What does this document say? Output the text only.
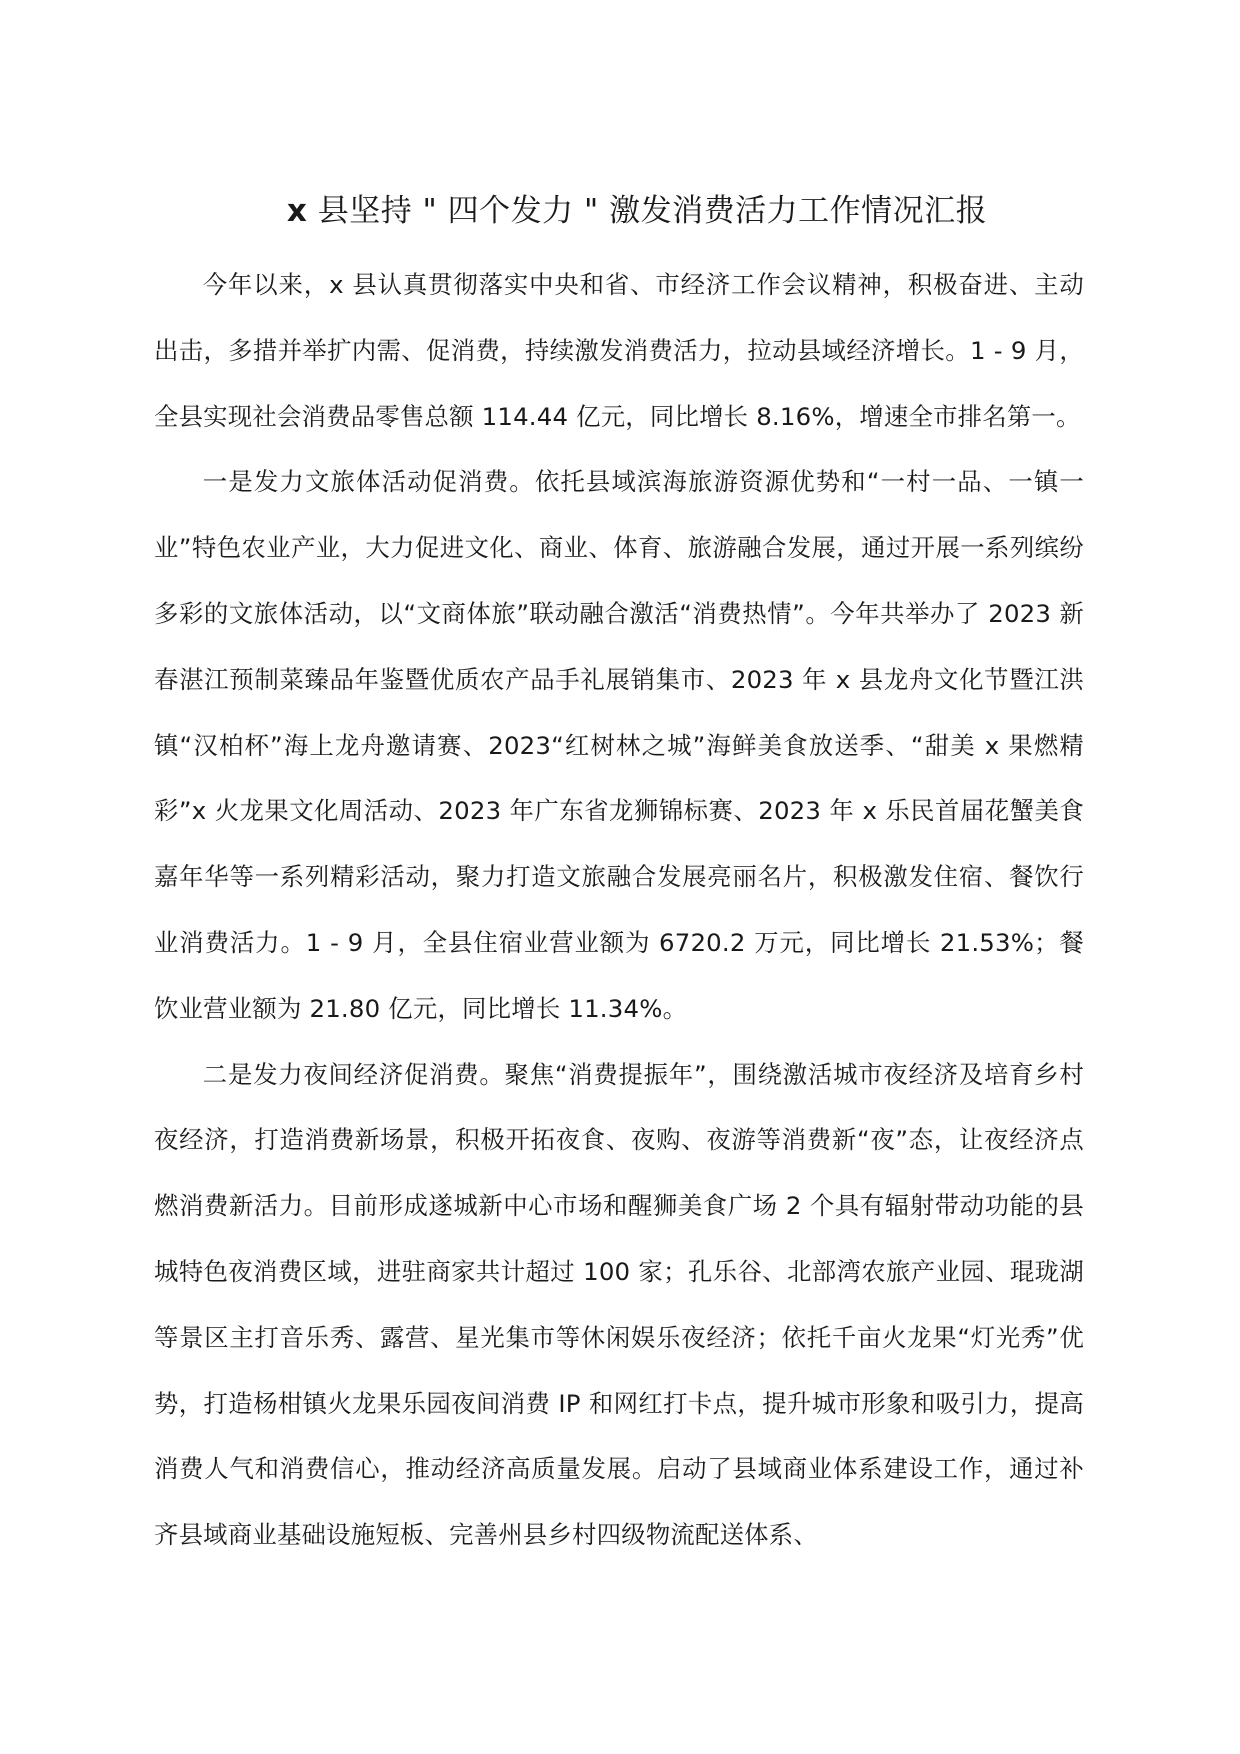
x 县坚持 " 四个发力 " 激发消费活力工作情况汇报

今年以来，x 县认真贯彻落实中央和省、市经济工作会议精神，积极奋进、主动出击，多措并举扩内需、促消费，持续激发消费活力，拉动县域经济增长。1 - 9 月，全县实现社会消费品零售总额 114.44 亿元，同比增长 8.16%，增速全市排名第一。

一是发力文旅体活动促消费。依托县域滨海旅游资源优势和“一村一品、一镇一业”特色农业产业，大力促进文化、商业、体育、旅游融合发展，通过开展一系列缤纷多彩的文旅体活动，以“文商体旅”联动融合激活“消费热情”。今年共举办了 2023 新春湛江预制菜臻品年鉴暨优质农产品手礼展销集市、2023 年 x 县龙舟文化节暨江洪镇“汉柏杯”海上龙舟邀请赛、2023“红树林之城”海鲜美食放送季、“甜美 x 果燃精彩”x 火龙果文化周活动、2023 年广东省龙狮锦标赛、2023 年 x 乐民首届花蟹美食嘉年华等一系列精彩活动，聚力打造文旅融合发展亮丽名片，积极激发住宿、餐饮行业消费活力。1 - 9 月，全县住宿业营业额为 6720.2 万元，同比增长 21.53%；餐饮业营业额为 21.80 亿元，同比增长 11.34%。

二是发力夜间经济促消费。聚焦“消费提振年”，围绕激活城市夜经济及培育乡村夜经济，打造消费新场景，积极开拓夜食、夜购、夜游等消费新“夜”态，让夜经济点燃消费新活力。目前形成遂城新中心市场和醒狮美食广场 2 个具有辐射带动功能的县城特色夜消费区域，进驻商家共计超过 100 家；孔乐谷、北部湾农旅产业园、琨珑湖等景区主打音乐秀、露营、星光集市等休闲娱乐夜经济；依托千亩火龙果“灯光秀”优势，打造杨柑镇火龙果乐园夜间消费 IP 和网红打卡点，提升城市形象和吸引力，提高消费人气和消费信心，推动经济高质量发展。启动了县域商业体系建设工作，通过补齐县域商业基础设施短板、完善州县乡村四级物流配送体系、
